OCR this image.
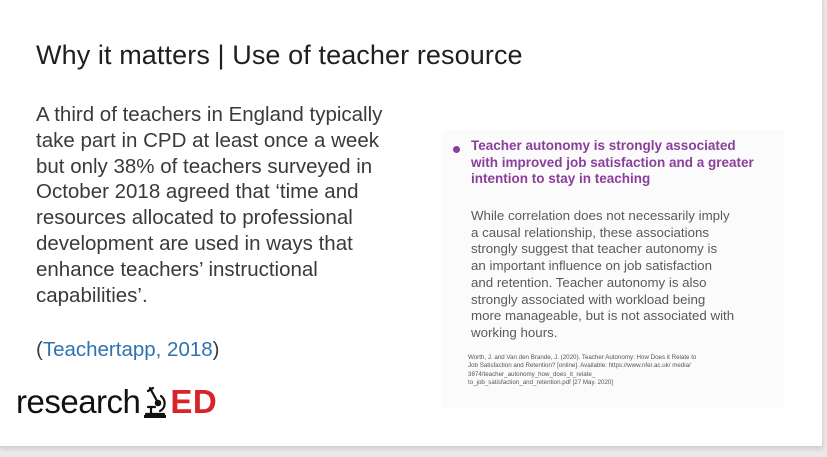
Why it matters | Use of teacher resource
A third of teachers in England typically
take part in CPD at least once a week
but only 38% of teachers surveyed in
October 2018 agreed that ‘time and
resources allocated to professional
development are used in ways that
enhance teachers’ instructional
capabilities’.
(Teachertapp, 2018)
research ED
Teacher autonomy is strongly associated
with improved job satisfaction and a greater
intention to stay in teaching
While correlation does not necessarily imply
a causal relationship, these associations
strongly suggest that teacher autonomy is
an important influence on job satisfaction
and retention. Teacher autonomy is also
strongly associated with workload being
more manageable, but is not associated with
working hours.
Worth, J. and Van den Brande, J. (2020). Teacher Autonomy: How Does it Relate to
Job Satisfaction and Retention? [online]. Available: https://www.nfer.ac.uk/ media/
3874/teacher_autonomy_how_does_it_relate_
to_job_satisfaction_and_retention.pdf [27 May. 2020]
